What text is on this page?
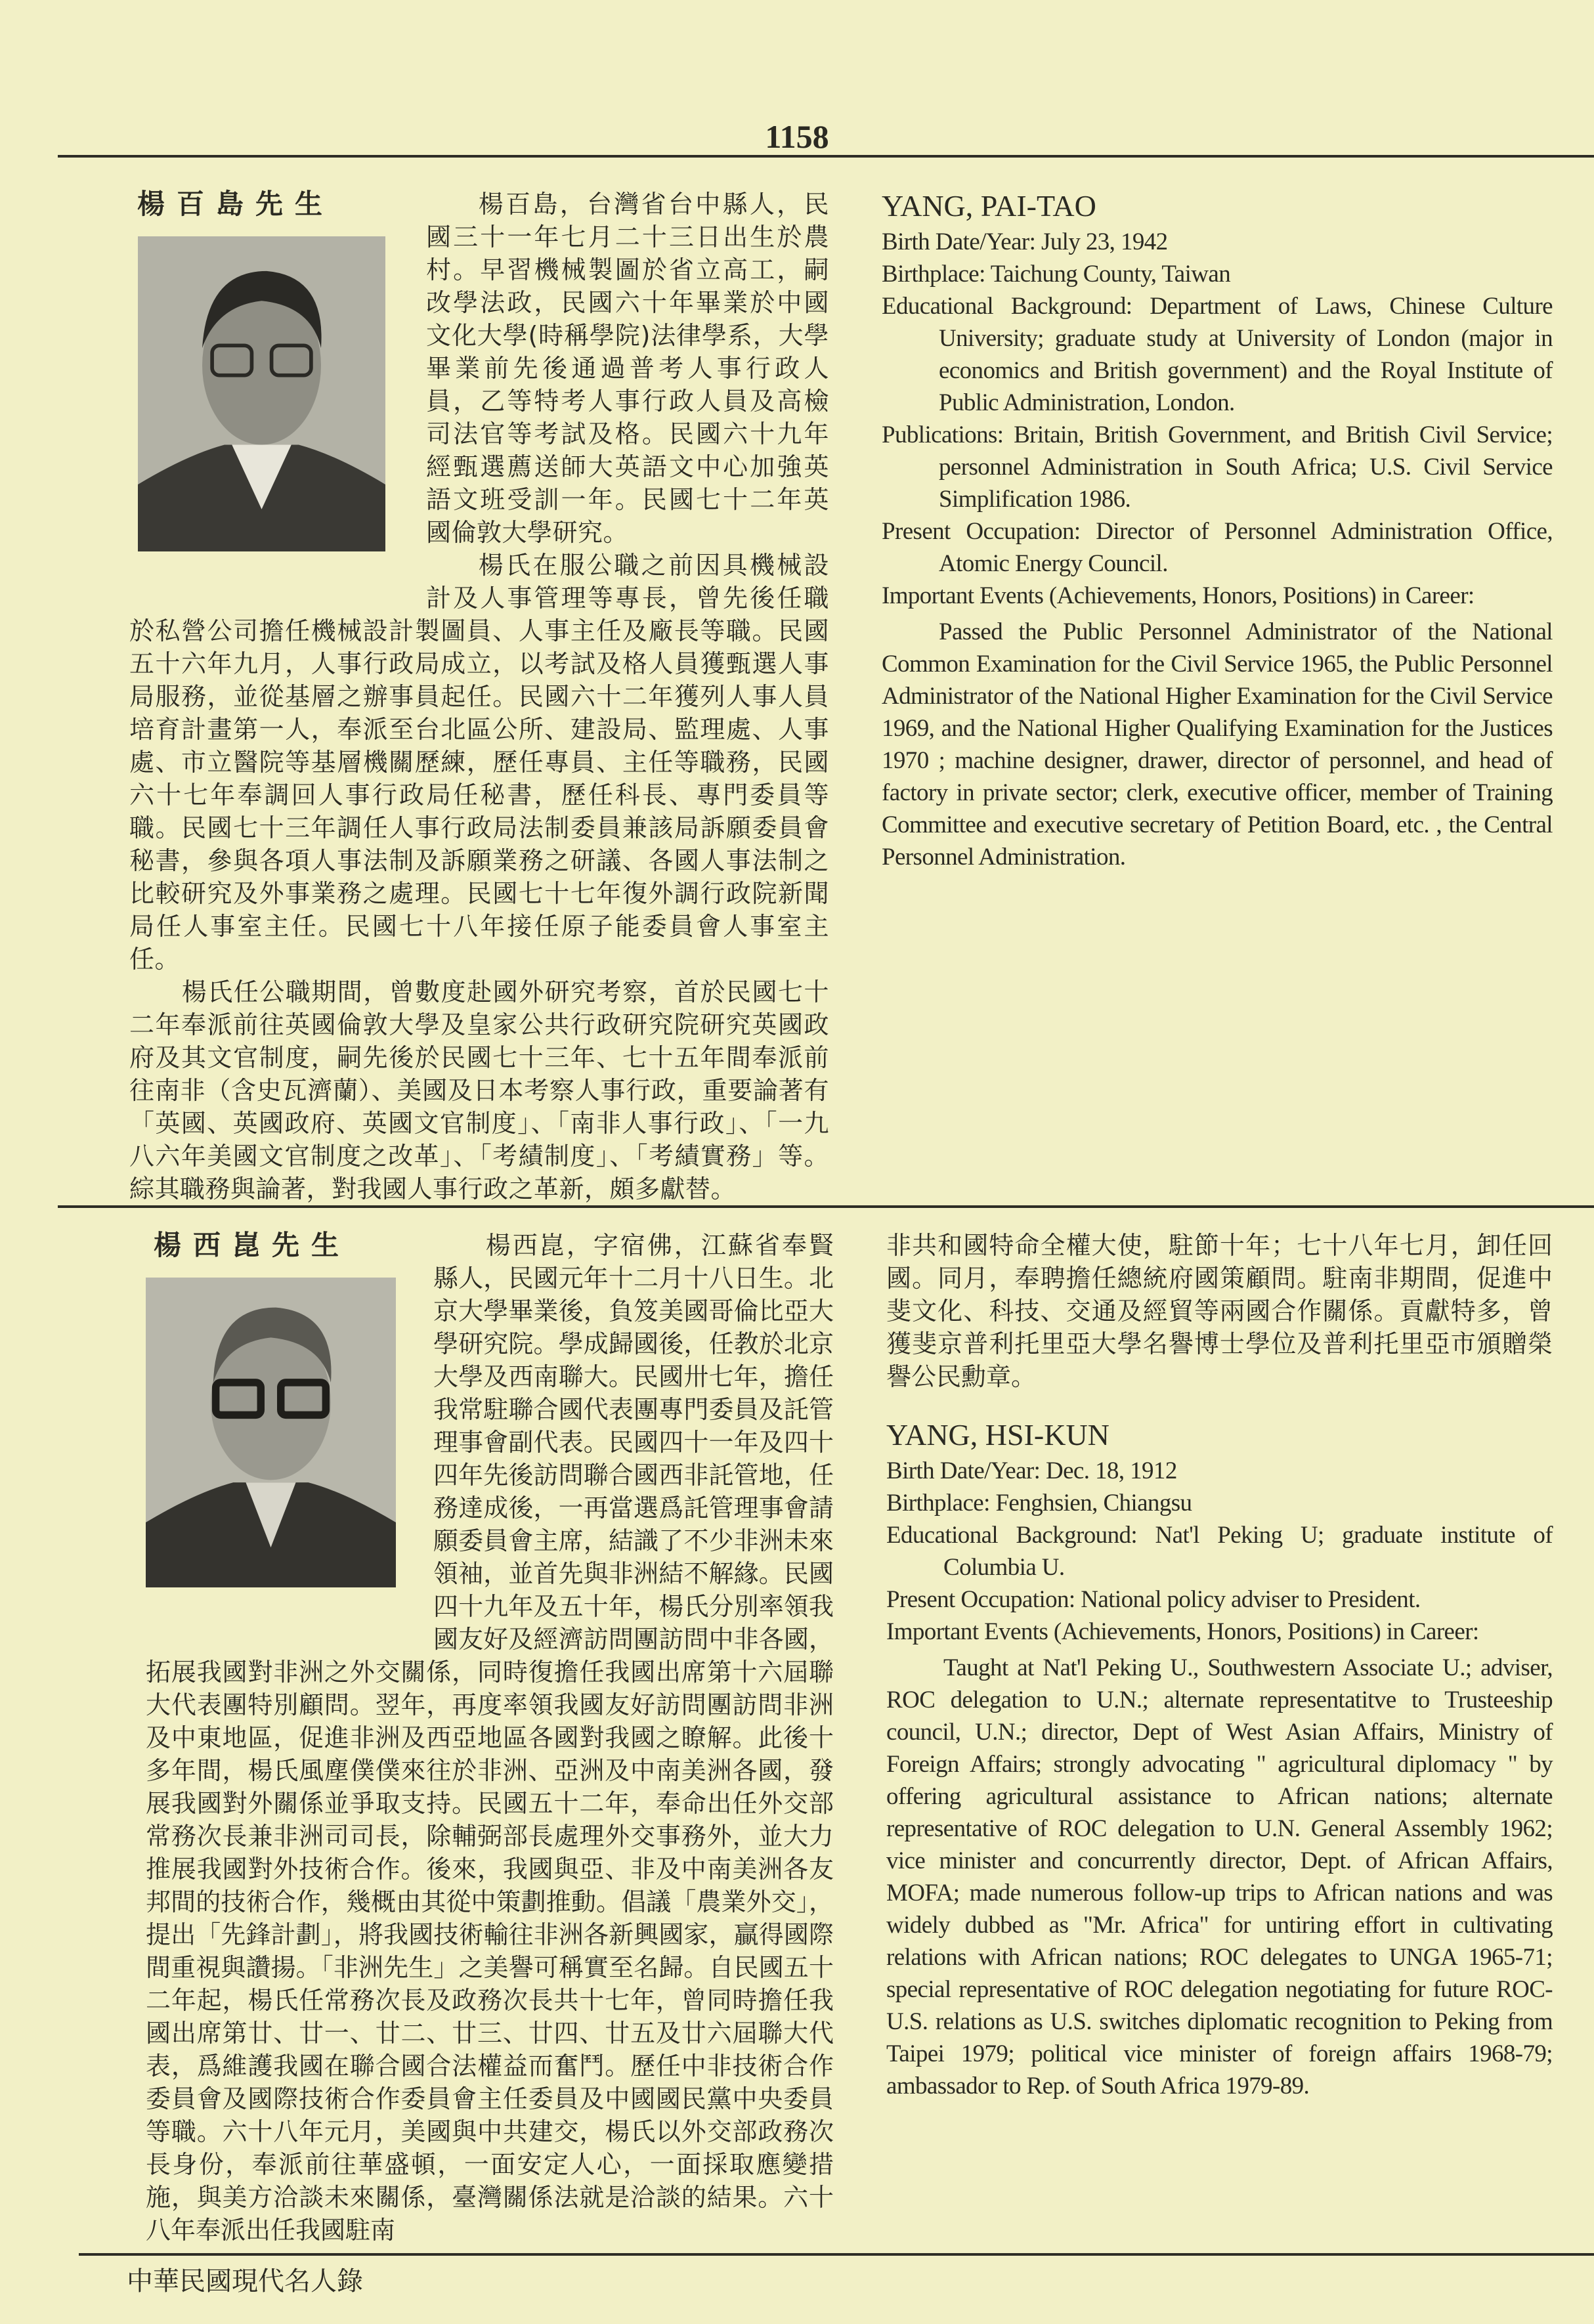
1158
楊百島先生	楊百島，台灣省台中縣人，民國三十一年七月二十三日出生於農村。早習機械製圖於省立高工，嗣改學法政，民國六十年畢業於中國文化大學(時稱學院)法律學系，大學畢業前先後通過普考人事行政人員，乙等特考人事行政人員及高檢司法官等考試及格。民國六十九年經甄選薦送師大英語文中心加強英語文班受訓一年。民國七十二年英國倫敦大學研究。

楊氏在服公職之前因具機械設計及人事管理等專長，曾先後任職於私營公司擔任機械設計製圖員、人事主任及廠長等職。民國五十六年九月，人事行政局成立，以考試及格人員獲甄選人事局服務，並從基層之辦事員起任。民國六十二年獲列人事人員培育計畫第一人，奉派至台北區公所、建設局、監理處、人事處、市立醫院等基層機關歷練，歷任專員、主任等職務，民國六十七年奉調回人事行政局任秘書，歷任科長、專門委員等職。民國七十三年調任人事行政局法制委員兼該局訴願委員會秘書，參與各項人事法制及訴願業務之研議、各國人事法制之比較研究及外事業務之處理。民國七十七年復外調行政院新聞局任人事室主任。民國七十八年接任原子能委員會人事室主任。

楊氏任公職期間，曾數度赴國外研究考察，首於民國七十二年奉派前往英國倫敦大學及皇家公共行政研究院研究英國政府及其文官制度，嗣先後於民國七十三年、七十五年間奉派前往南非（含史瓦濟蘭）、美國及日本考察人事行政，重要論著有「英國、英國政府、英國文官制度」、「南非人事行政」、「一九八六年美國文官制度之改革」、「考績制度」、「考績實務」等。綜其職務與論著，對我國人事行政之革新，頗多獻替。

YANG, PAI-TAO
Birth Date/Year: July 23, 1942
Birthplace: Taichung County, Taiwan
Educational Background: Department of Laws, Chinese Culture University; graduate study at University of London (major in economics and British government) and the Royal Institute of Public Administration, London.
Publications: Britain, British Government, and British Civil Service; personnel Administration in South Africa; U.S. Civil Service Simplification 1986.
Present Occupation: Director of Personnel Administration Office, Atomic Energy Council.
Important Events (Achievements, Honors, Positions) in Career:
Passed the Public Personnel Administrator of the National Common Examination for the Civil Service 1965, the Public Personnel Administrator of the National Higher Examination for the Civil Service 1969, and the National Higher Qualifying Examination for the Justices 1970 ; machine designer, drawer, director of personnel, and head of factory in private sector; clerk, executive officer, member of Training Committee and executive secretary of Petition Board, etc. , the Central Personnel Administration.
楊西崑先生	楊西崑，字宿佛，江蘇省奉賢縣人，民國元年十二月十八日生。北京大學畢業後，負笈美國哥倫比亞大學研究院。學成歸國後，任教於北京大學及西南聯大。民國卅七年，擔任我常駐聯合國代表團專門委員及託管理事會副代表。民國四十一年及四十四年先後訪問聯合國西非託管地，任務達成後，一再當選爲託管理事會請願委員會主席，結識了不少非洲未來領袖，並首先與非洲結不解緣。民國四十九年及五十年，楊氏分別率領我國友好及經濟訪問團訪問中非各國，拓展我國對非洲之外交關係，同時復擔任我國出席第十六屆聯大代表團特別顧問。翌年，再度率領我國友好訪問團訪問非洲及中東地區，促進非洲及西亞地區各國對我國之瞭解。此後十多年間，楊氏風塵僕僕來往於非洲、亞洲及中南美洲各國，發展我國對外關係並爭取支持。民國五十二年，奉命出任外交部常務次長兼非洲司司長，除輔弼部長處理外交事務外，並大力推展我國對外技術合作。後來，我國與亞、非及中南美洲各友邦間的技術合作，幾概由其從中策劃推動。倡議「農業外交」，提出「先鋒計劃」，將我國技術輸往非洲各新興國家，贏得國際間重視與讚揚。「非洲先生」之美譽可稱實至名歸。自民國五十二年起，楊氏任常務次長及政務次長共十七年，曾同時擔任我國出席第廿、廿一、廿二、廿三、廿四、廿五及廿六屆聯大代表，爲維護我國在聯合國合法權益而奮鬥。歷任中非技術合作委員會及國際技術合作委員會主任委員及中國國民黨中央委員等職。六十八年元月，美國與中共建交，楊氏以外交部政務次長身份，奉派前往華盛頓，一面安定人心，一面採取應變措施，與美方洽談未來關係，臺灣關係法就是洽談的結果。六十八年奉派出任我國駐南

非共和國特命全權大使，駐節十年；七十八年七月，卸任回國。同月，奉聘擔任總統府國策顧問。駐南非期間，促進中斐文化、科技、交通及經貿等兩國合作關係。貢獻特多，曾獲斐京普利托里亞大學名譽博士學位及普利托里亞市頒贈榮譽公民勳章。
YANG, HSI-KUN
Birth Date/Year: Dec. 18, 1912
Birthplace: Fenghsien, Chiangsu
Educational Background: Nat'l Peking U; graduate institute of Columbia U.
Present Occupation: National policy adviser to President.
Important Events (Achievements, Honors, Positions) in Career:
Taught at Nat'l Peking U., Southwestern Associate U.; adviser, ROC delegation to U.N.; alternate representatitve to Trusteeship council, U.N.; director, Dept of West Asian Affairs, Ministry of Foreign Affairs; strongly advocating " agricultural diplomacy " by offering agricultural assistance to African nations; alternate representative of ROC delegation to U.N. General Assembly 1962; vice minister and concurrently director, Dept. of African Affairs, MOFA; made numerous follow-up trips to African nations and was widely dubbed as "Mr. Africa" for untiring effort in cultivating relations with African nations; ROC delegates to UNGA 1965-71; special representative of ROC delegation negotiating for future ROC-U.S. relations as U.S. switches diplomatic recognition to Peking from Taipei 1979; political vice minister of foreign affairs 1968-79; ambassador to Rep. of South Africa 1979-89.
中華民國現代名人錄
